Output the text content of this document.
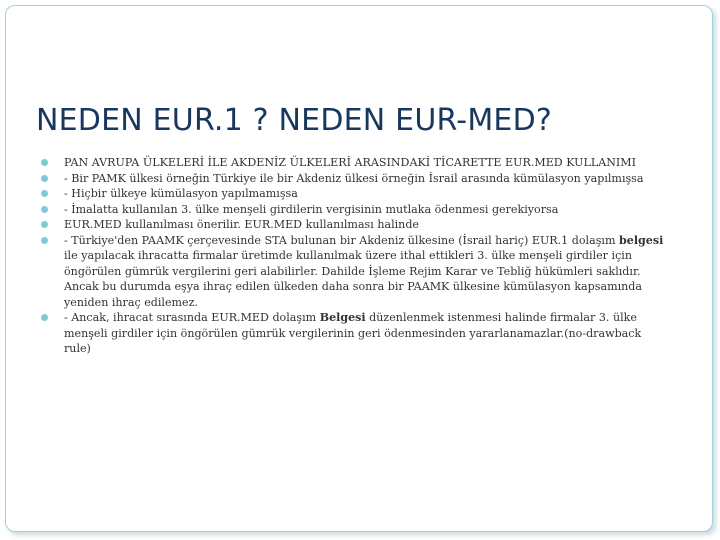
NEDEN EUR.1 ? NEDEN EUR-MED?
PAN AVRUPA ÜLKELERİ İLE AKDENİZ ÜLKELERİ ARASINDAKİ TİCARETTE EUR.MED KULLANIMI
- Bir PAMK ülkesi örneğin Türkiye ile bir Akdeniz ülkesi örneğin İsrail arasında kümülasyon yapılmışsa
- Hiçbir ülkeye kümülasyon yapılmamışsa
- İmalatta kullanılan 3. ülke menşeli girdilerin vergisinin mutlaka ödenmesi gerekiyorsa
EUR.MED kullanılması önerilir. EUR.MED kullanılması halinde
- Türkiye'den PAAMK çerçevesinde STA bulunan bir Akdeniz ülkesine (İsrail hariç) EUR.1 dolaşım belgesi ile yapılacak ihracatta firmalar üretimde kullanılmak üzere ithal ettikleri 3. ülke menşeli girdiler için öngörülen gümrük vergilerini geri alabilirler. Dahilde İşleme Rejim Karar ve Tebliğ hükümleri saklıdır. Ancak bu durumda eşya ihraç edilen ülkeden daha sonra bir PAAMK ülkesine kümülasyon kapsamında yeniden ihraç edilemez.
- Ancak, ihracat sırasında EUR.MED dolaşım Belgesi düzenlenmek istenmesi halinde firmalar 3. ülke menşeli girdiler için öngörülen gümrük vergilerinin geri ödenmesinden yararlanamazlar.(no-drawback rule)
